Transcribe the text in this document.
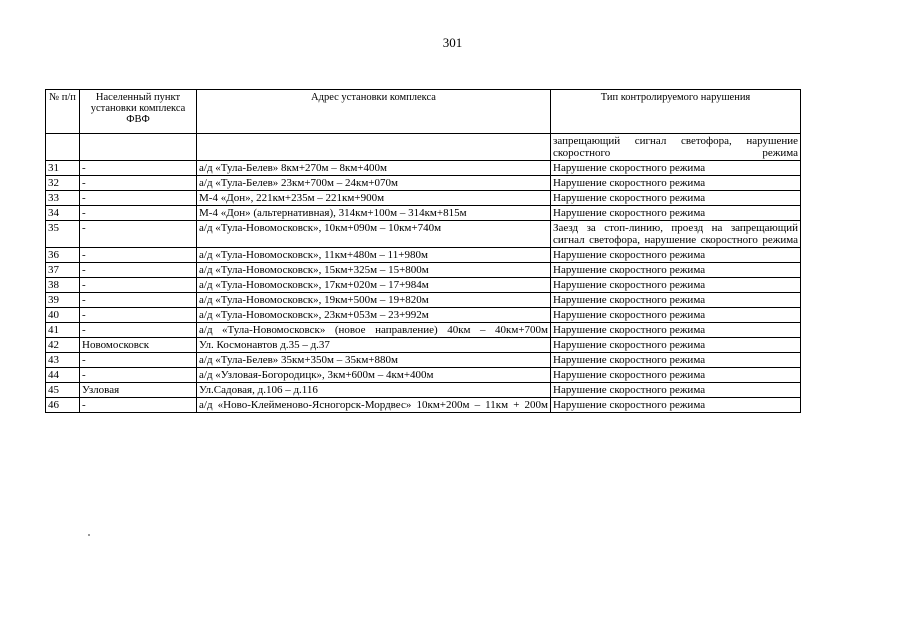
301
№ п/п	Населенный пункт установки комплекса ФВФ	Адрес установки комплекса	Тип контролируемого нарушения
			запрещающий сигнал светофора, нарушение скоростного режима
31	-	а/д «Тула-Белев» 8км+270м – 8км+400м	Нарушение скоростного режима
32	-	а/д «Тула-Белев» 23км+700м – 24км+070м	Нарушение скоростного режима
33	-	М-4 «Дон», 221км+235м – 221км+900м	Нарушение скоростного режима
34	-	М-4 «Дон» (альтернативная), 314км+100м – 314км+815м	Нарушение скоростного режима
35	-	а/д «Тула-Новомосковск», 10км+090м – 10км+740м	Заезд за стоп-линию, проезд на запрещающий сигнал светофора, нарушение скоростного режима
36	-	а/д «Тула-Новомосковск», 11км+480м – 11+980м	Нарушение скоростного режима
37	-	а/д «Тула-Новомосковск», 15км+325м – 15+800м	Нарушение скоростного режима
38	-	а/д «Тула-Новомосковск», 17км+020м – 17+984м	Нарушение скоростного режима
39	-	а/д «Тула-Новомосковск», 19км+500м – 19+820м	Нарушение скоростного режима
40	-	а/д «Тула-Новомосковск», 23км+053м – 23+992м	Нарушение скоростного режима
41	-	а/д «Тула-Новомосковск» (новое направление) 40км – 40км+700м	Нарушение скоростного режима
42	Новомосковск	Ул. Космонавтов д.35 – д.37	Нарушение скоростного режима
43	-	а/д «Тула-Белев» 35км+350м – 35км+880м	Нарушение скоростного режима
44	-	а/д «Узловая-Богородицк», 3км+600м – 4км+400м	Нарушение скоростного режима
45	Узловая	Ул.Садовая, д.106 – д.116	Нарушение скоростного режима
46	-	а/д «Ново-Клейменово-Ясногорск-Мордвес» 10км+200м – 11км + 200м	Нарушение скоростного режима
